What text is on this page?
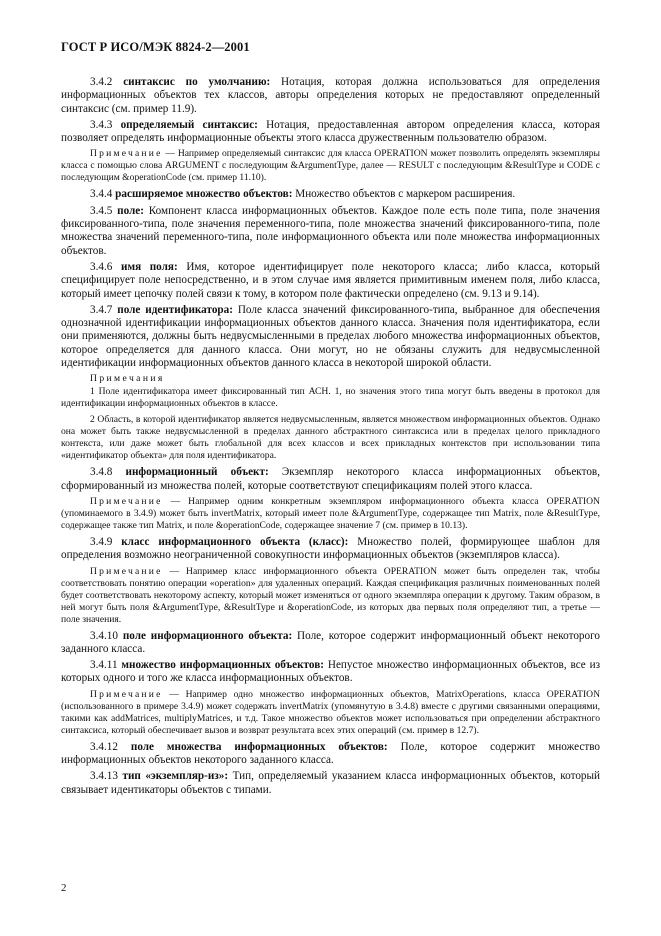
ГОСТ Р ИСО/МЭК 8824-2—2001

3.4.2 синтаксис по умолчанию: Нотация, которая должна использоваться для определения информационных объектов тех классов, авторы определения которых не предоставляют определенный синтаксис (см. пример 11.9).

3.4.3 определяемый синтаксис: Нотация, предоставленная автором определения класса, которая позволяет определять информационные объекты этого класса дружественным пользователю образом.

Примечание — Например определяемый синтаксис для класса OPERATION может позволить определять экземпляры класса с помощью слова ARGUMENT с последующим &ArgumentType, далее — RESULT с последующим &ResultType и CODE с последующим &operationCode (см. пример 11.10).

3.4.4 расширяемое множество объектов: Множество объектов с маркером расширения.

3.4.5 поле: Компонент класса информационных объектов. Каждое поле есть поле типа, поле значения фиксированного-типа, поле значения переменного-типа, поле множества значений фиксированного-типа, поле множества значений переменного-типа, поле информационного объекта или поле множества информационных объектов.

3.4.6 имя поля: Имя, которое идентифицирует поле некоторого класса; либо класса, который специфицирует поле непосредственно, и в этом случае имя является примитивным именем поля, либо класса, который имеет цепочку полей связи к тому, в котором поле фактически определено (см. 9.13 и 9.14).

3.4.7 поле идентификатора: Поле класса значений фиксированного-типа, выбранное для обеспечения однозначной идентификации информационных объектов данного класса. Значения поля идентификатора, если они применяются, должны быть недвусмысленными в пределах любого множества информационных объектов, которое определяется для данного класса. Они могут, но не обязаны служить для недвусмысленной идентификации информационных объектов данного класса в некоторой широкой области.

Примечания

1 Поле идентификатора имеет фиксированный тип АСН. 1, но значения этого типа могут быть введены в протокол для идентификации информационных объектов в классе.

2 Область, в которой идентификатор является недвусмысленным, является множеством информационных объектов. Однако она может быть также недвусмысленной в пределах данного абстрактного синтаксиса или в пределах целого прикладного контекста, или даже может быть глобальной для всех классов и всех прикладных контекстов при использовании типа «идентификатор объекта» для поля идентификатора.

3.4.8 информационный объект: Экземпляр некоторого класса информационных объектов, сформированный из множества полей, которые соответствуют спецификациям полей этого класса.

Примечание — Например одним конкретным экземпляром информационного объекта класса OPERATION (упоминаемого в 3.4.9) может быть invertMatrix, который имеет поле &ArgumentType, содержащее тип Matrix, поле &ResultType, содержащее также тип Matrix, и поле &operationCode, содержащее значение 7 (см. пример в 10.13).

3.4.9 класс информационного объекта (класс): Множество полей, формирующее шаблон для определения возможно неограниченной совокупности информационных объектов (экземпляров класса).

Примечание — Например класс информационного объекта OPERATION может быть определен так, чтобы соответствовать понятию операции «operation» для удаленных операций. Каждая спецификация различных поименованных полей будет соответствовать некоторому аспекту, который может изменяться от одного экземпляра операции к другому. Таким образом, в ней могут быть поля &ArgumentType, &ResultType и &operationCode, из которых два первых поля определяют тип, а третье — поле значения.

3.4.10 поле информационного объекта: Поле, которое содержит информационный объект некоторого заданного класса.

3.4.11 множество информационных объектов: Непустое множество информационных объектов, все из которых одного и того же класса информационных объектов.

Примечание — Например одно множество информационных объектов, MatrixOperations, класса OPERATION (использованного в примере 3.4.9) может содержать invertMatrix (упомянутую в 3.4.8) вместе с другими связанными операциями, такими как addMatrices, multiplyMatrices, и т.д. Такое множество объектов может использоваться при определении абстрактного синтаксиса, который обеспечивает вызов и возврат результата всех этих операций (см. пример в 12.7).

3.4.12 поле множества информационных объектов: Поле, которое содержит множество информационных объектов некоторого заданного класса.

3.4.13 тип «экземпляр-из»: Тип, определяемый указанием класса информационных объектов, который связывает идентикаторы объектов с типами.

2
